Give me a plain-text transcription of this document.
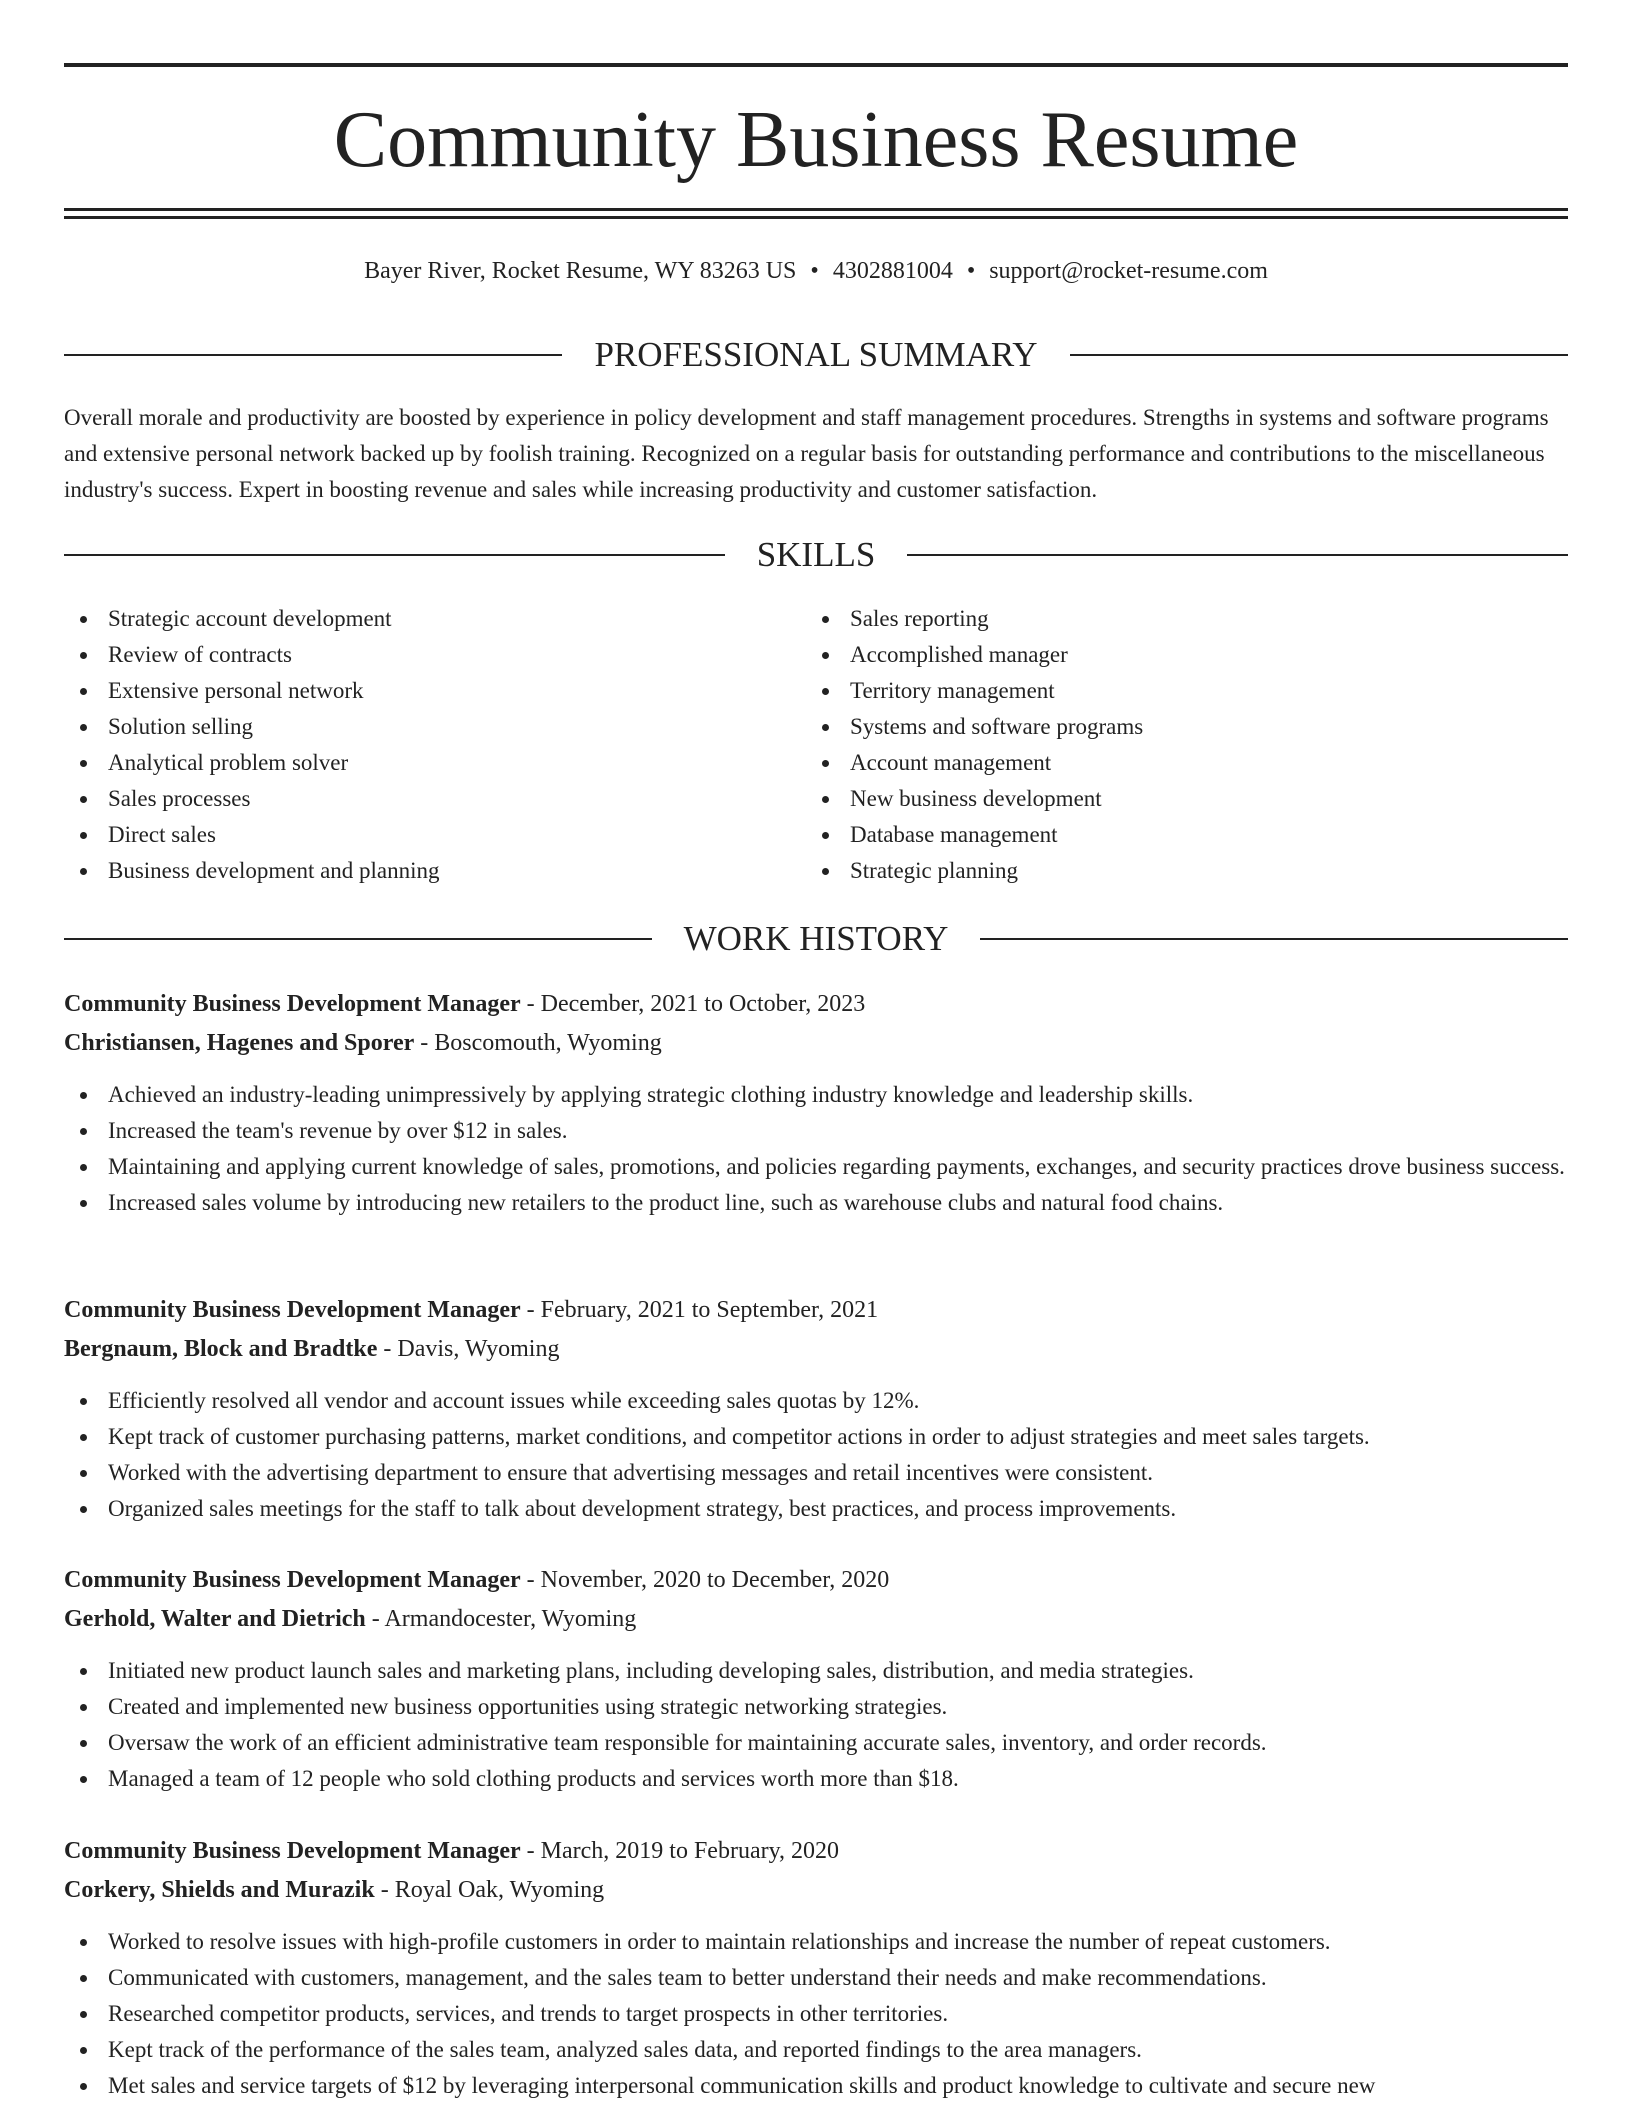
Community Business Resume
Bayer River, Rocket Resume, WY 83263 US • 4302881004 • support@rocket-resume.com
PROFESSIONAL SUMMARY

Overall morale and productivity are boosted by experience in policy development and staff management procedures. Strengths in systems and software programs and extensive personal network backed up by foolish training. Recognized on a regular basis for outstanding performance and contributions to the miscellaneous industry's success. Expert in boosting revenue and sales while increasing productivity and customer satisfaction.

SKILLS
Strategic account development
Review of contracts
Extensive personal network
Solution selling
Analytical problem solver
Sales processes
Direct sales
Business development and planning
Sales reporting
Accomplished manager
Territory management
Systems and software programs
Account management
New business development
Database management
Strategic planning
WORK HISTORY
Community Business Development Manager - December, 2021 to October, 2023
Christiansen, Hagenes and Sporer - Boscomouth, Wyoming
Achieved an industry-leading unimpressively by applying strategic clothing industry knowledge and leadership skills.
Increased the team's revenue by over $12 in sales.
Maintaining and applying current knowledge of sales, promotions, and policies regarding payments, exchanges, and security practices drove business success.
Increased sales volume by introducing new retailers to the product line, such as warehouse clubs and natural food chains.
Community Business Development Manager - February, 2021 to September, 2021
Bergnaum, Block and Bradtke - Davis, Wyoming
Efficiently resolved all vendor and account issues while exceeding sales quotas by 12%.
Kept track of customer purchasing patterns, market conditions, and competitor actions in order to adjust strategies and meet sales targets.
Worked with the advertising department to ensure that advertising messages and retail incentives were consistent.
Organized sales meetings for the staff to talk about development strategy, best practices, and process improvements.
Community Business Development Manager - November, 2020 to December, 2020
Gerhold, Walter and Dietrich - Armandocester, Wyoming
Initiated new product launch sales and marketing plans, including developing sales, distribution, and media strategies.
Created and implemented new business opportunities using strategic networking strategies.
Oversaw the work of an efficient administrative team responsible for maintaining accurate sales, inventory, and order records.
Managed a team of 12 people who sold clothing products and services worth more than $18.
Community Business Development Manager - March, 2019 to February, 2020
Corkery, Shields and Murazik - Royal Oak, Wyoming
Worked to resolve issues with high-profile customers in order to maintain relationships and increase the number of repeat customers.
Communicated with customers, management, and the sales team to better understand their needs and make recommendations.
Researched competitor products, services, and trends to target prospects in other territories.
Kept track of the performance of the sales team, analyzed sales data, and reported findings to the area managers.
Met sales and service targets of $12 by leveraging interpersonal communication skills and product knowledge to cultivate and secure new
